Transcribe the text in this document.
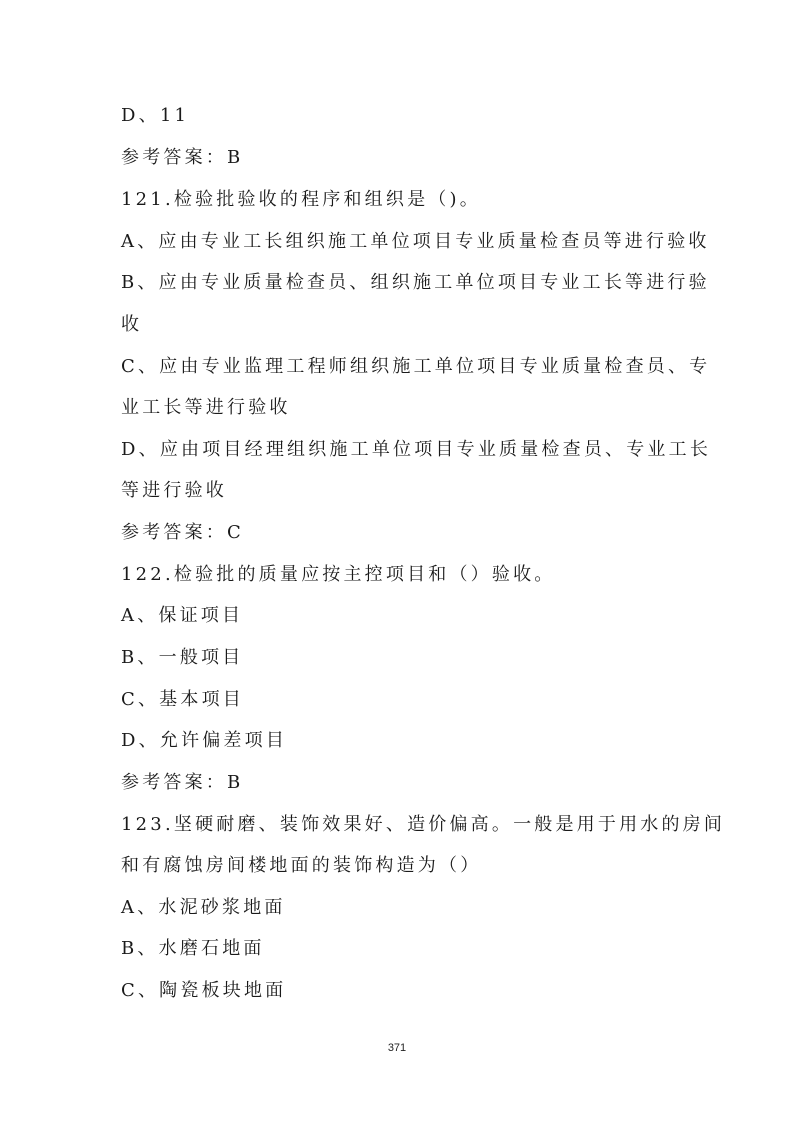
D、11
参考答案：B
121.检验批验收的程序和组织是（)。
A、应由专业工长组织施工单位项目专业质量检查员等进行验收
B、应由专业质量检查员、组织施工单位项目专业工长等进行验
收
C、应由专业监理工程师组织施工单位项目专业质量检查员、专
业工长等进行验收
D、应由项目经理组织施工单位项目专业质量检查员、专业工长
等进行验收
参考答案：C
122.检验批的质量应按主控项目和（）验收。
A、保证项目
B、一般项目
C、基本项目
D、允许偏差项目
参考答案：B
123.坚硬耐磨、装饰效果好、造价偏高。一般是用于用水的房间
和有腐蚀房间楼地面的装饰构造为（）
A、水泥砂浆地面
B、水磨石地面
C、陶瓷板块地面
371
